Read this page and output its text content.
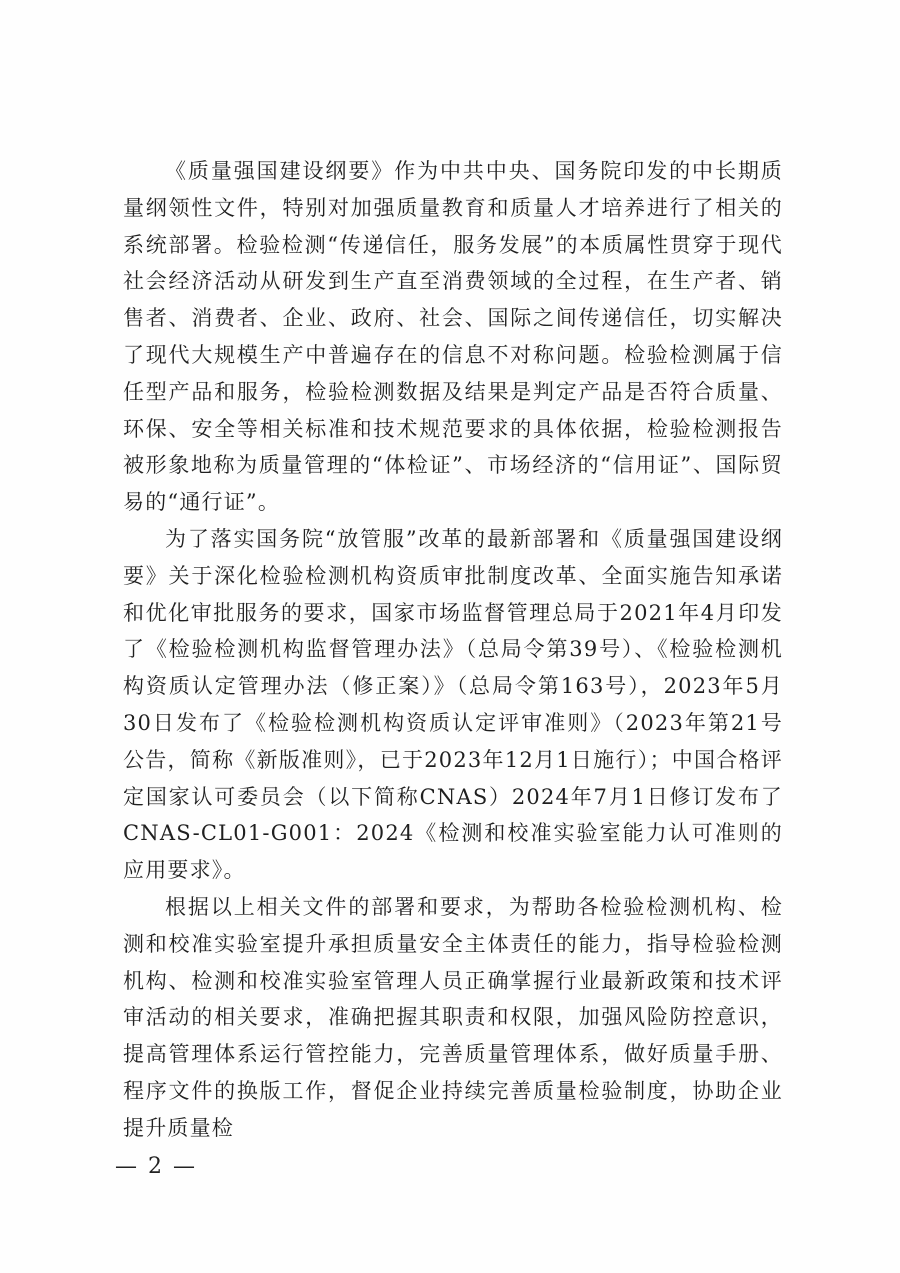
《质量强国建设纲要》作为中共中央、国务院印发的中长期质量纲领性文件，特别对加强质量教育和质量人才培养进行了相关的系统部署。检验检测“传递信任，服务发展”的本质属性贯穿于现代社会经济活动从研发到生产直至消费领域的全过程，在生产者、销售者、消费者、企业、政府、社会、国际之间传递信任，切实解决了现代大规模生产中普遍存在的信息不对称问题。检验检测属于信任型产品和服务，检验检测数据及结果是判定产品是否符合质量、环保、安全等相关标准和技术规范要求的具体依据，检验检测报告被形象地称为质量管理的“体检证”、市场经济的“信用证”、国际贸易的“通行证”。

为了落实国务院“放管服”改革的最新部署和《质量强国建设纲要》关于深化检验检测机构资质审批制度改革、全面实施告知承诺和优化审批服务的要求，国家市场监督管理总局于2021年4月印发了《检验检测机构监督管理办法》（总局令第39号）、《检验检测机构资质认定管理办法（修正案）》（总局令第163号），2023年5月30日发布了《检验检测机构资质认定评审准则》（2023年第21号公告，简称《新版准则》，已于2023年12月1日施行）；中国合格评定国家认可委员会（以下简称CNAS）2024年7月1日修订发布了CNAS-CL01-G001：2024《检测和校准实验室能力认可准则的应用要求》。

根据以上相关文件的部署和要求，为帮助各检验检测机构、检测和校准实验室提升承担质量安全主体责任的能力，指导检验检测机构、检测和校准实验室管理人员正确掌握行业最新政策和技术评审活动的相关要求，准确把握其职责和权限，加强风险防控意识，提高管理体系运行管控能力，完善质量管理体系，做好质量手册、程序文件的换版工作，督促企业持续完善质量检验制度，协助企业提升质量检

— 2 —
